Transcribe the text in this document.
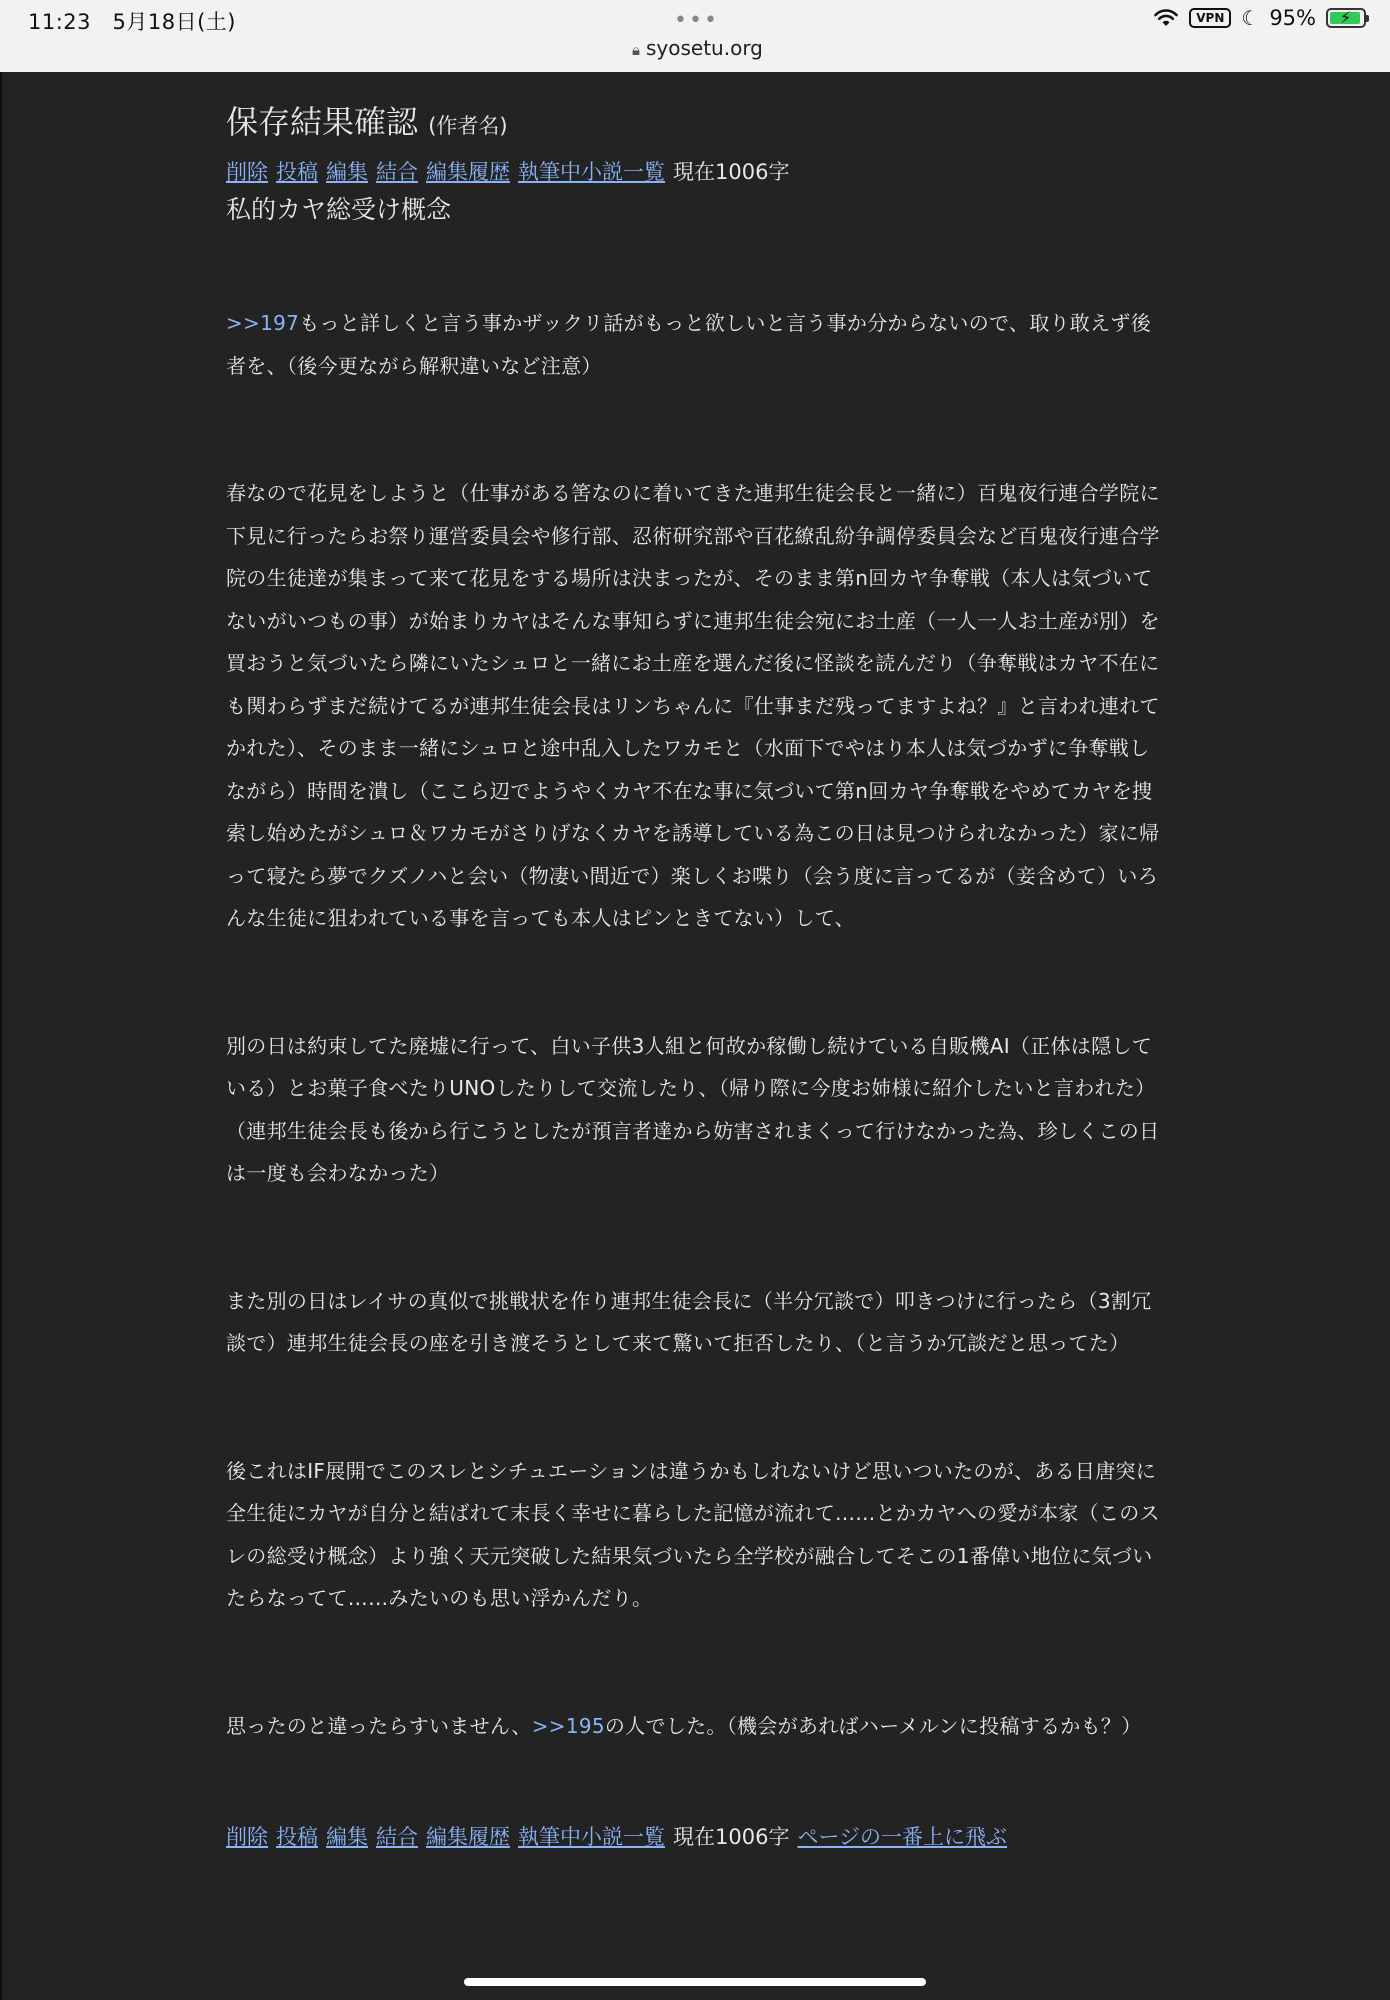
11:23　5月18日(土)	•••
🔒︎ syosetu.org
VPN ☾ 95% ⚡︎
保存結果確認 (作者名)
削除 投稿 編集 結合 編集履歴 執筆中小説一覧 現在1006字
私的カヤ総受け概念

>>197もっと詳しくと言う事かザックリ話がもっと欲しいと言う事か分からないので、取り敢えず後者を、（後今更ながら解釈違いなど注意）

春なので花見をしようと（仕事がある筈なのに着いてきた連邦生徒会長と一緒に）百鬼夜行連合学院に下見に行ったらお祭り運営委員会や修行部、忍術研究部や百花繚乱紛争調停委員会など百鬼夜行連合学院の生徒達が集まって来て花見をする場所は決まったが、そのまま第n回カヤ争奪戦（本人は気づいてないがいつもの事）が始まりカヤはそんな事知らずに連邦生徒会宛にお土産（一人一人お土産が別）を買おうと気づいたら隣にいたシュロと一緒にお土産を選んだ後に怪談を読んだり（争奪戦はカヤ不在にも関わらずまだ続けてるが連邦生徒会長はリンちゃんに『仕事まだ残ってますよね？』と言われ連れてかれた）、そのまま一緒にシュロと途中乱入したワカモと（水面下でやはり本人は気づかずに争奪戦しながら）時間を潰し（ここら辺でようやくカヤ不在な事に気づいて第n回カヤ争奪戦をやめてカヤを捜索し始めたがシュロ＆ワカモがさりげなくカヤを誘導している為この日は見つけられなかった）家に帰って寝たら夢でクズノハと会い（物凄い間近で）楽しくお喋り（会う度に言ってるが（妾含めて）いろんな生徒に狙われている事を言っても本人はピンときてない）して、

別の日は約束してた廃墟に行って、白い子供3人組と何故か稼働し続けている自販機AI（正体は隠している）とお菓子食べたりUNOしたりして交流したり、（帰り際に今度お姉様に紹介したいと言われた）（連邦生徒会長も後から行こうとしたが預言者達から妨害されまくって行けなかった為、珍しくこの日は一度も会わなかった）

また別の日はレイサの真似で挑戦状を作り連邦生徒会長に（半分冗談で）叩きつけに行ったら（3割冗談で）連邦生徒会長の座を引き渡そうとして来て驚いて拒否したり、（と言うか冗談だと思ってた）

後これはIF展開でこのスレとシチュエーションは違うかもしれないけど思いついたのが、ある日唐突に全生徒にカヤが自分と結ばれて末長く幸せに暮らした記憶が流れて……とかカヤへの愛が本家（このスレの総受け概念）より強く天元突破した結果気づいたら全学校が融合してそこの1番偉い地位に気づいたらなってて……みたいのも思い浮かんだり。

思ったのと違ったらすいません、>>195の人でした。（機会があればハーメルンに投稿するかも？）

削除 投稿 編集 結合 編集履歴 執筆中小説一覧 現在1006字 ページの一番上に飛ぶ
